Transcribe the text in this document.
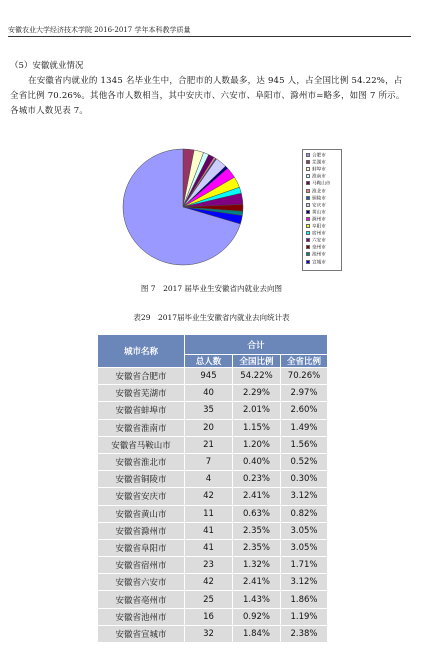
安徽农业大学经济技术学院 2016-2017 学年本科教学质量
（5）安徽就业情况
在安徽省内就业的 1345 名毕业生中，合肥市的人数最多，达 945 人，占全国比例 54.22%，占全省比例 70.26%。其他各市人数相当，其中安庆市、六安市、阜阳市、滁州市=略多，如图 7 所示。各城市人数见表 7。
合肥市
芜湖市
蚌埠市
淮南市
马鞍山市
淮北市
铜陵市
安庆市
黄山市
滁州市
阜阳市
宿州市
六安市
亳州市
池州市
宣城市
图 7　2017 届毕业生安徽省内就业去向图
表29　2017届毕业生安徽省内就业去向统计表
城市名称	合计		
	总人数	全国比例	全省比例
安徽省合肥市	945	54.22%	70.26%
安徽省芜湖市	40	2.29%	2.97%
安徽省蚌埠市	35	2.01%	2.60%
安徽省淮南市	20	1.15%	1.49%
安徽省马鞍山市	21	1.20%	1.56%
安徽省淮北市	7	0.40%	0.52%
安徽省铜陵市	4	0.23%	0.30%
安徽省安庆市	42	2.41%	3.12%
安徽省黄山市	11	0.63%	0.82%
安徽省滁州市	41	2.35%	3.05%
安徽省阜阳市	41	2.35%	3.05%
安徽省宿州市	23	1.32%	1.71%
安徽省六安市	42	2.41%	3.12%
安徽省亳州市	25	1.43%	1.86%
安徽省池州市	16	0.92%	1.19%
安徽省宣城市	32	1.84%	2.38%
